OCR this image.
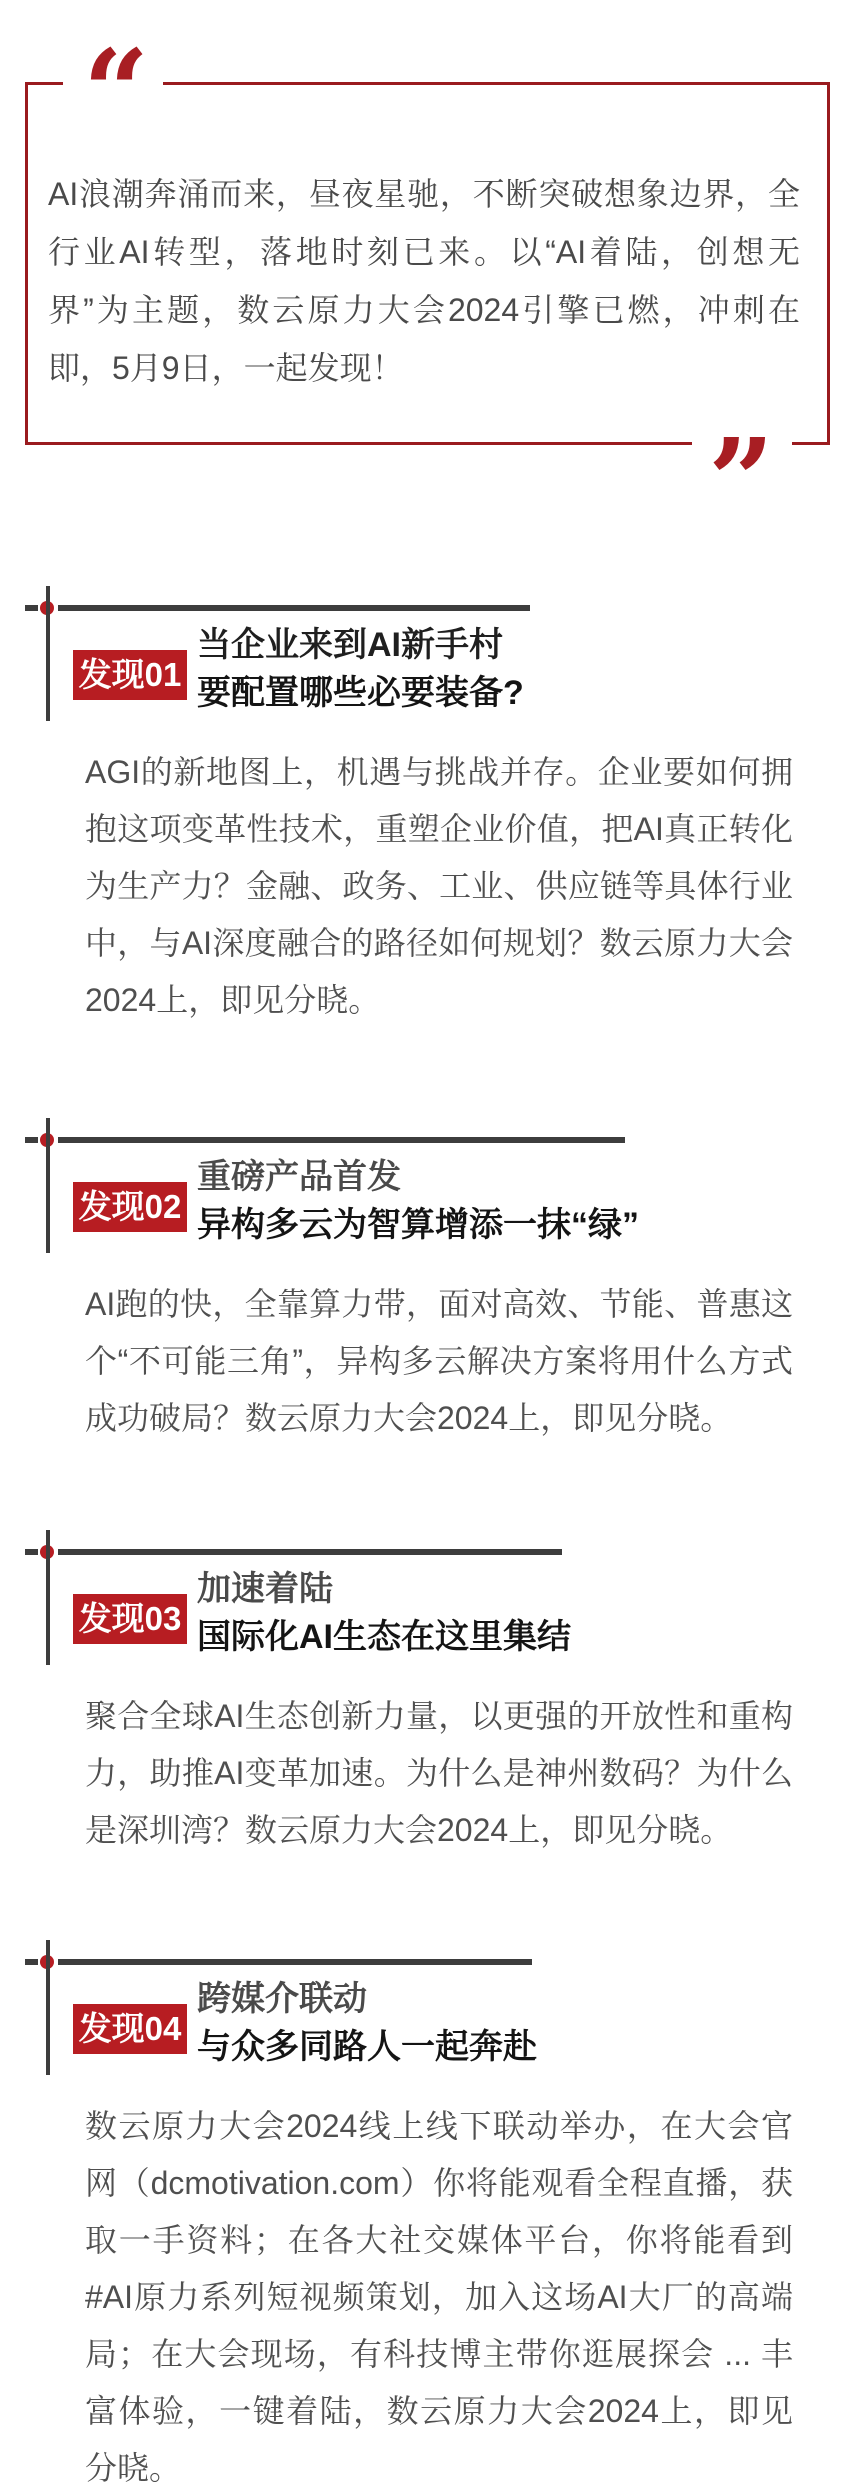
AI浪潮奔涌而来，昼夜星驰，不断突破想象边界，全行业AI转型，落地时刻已来。以“AI着陆，创想无界”为主题，数云原力大会2024引擎已燃，冲刺在即，5月9日，一起发现！

“
”
发现01
当企业来到AI新手村
要配置哪些必要装备?

AGI的新地图上，机遇与挑战并存。企业要如何拥抱这项变革性技术，重塑企业价值，把AI真正转化为生产力？金融、政务、工业、供应链等具体行业中，与AI深度融合的路径如何规划？数云原力大会2024上，即见分晓。

发现02
重磅产品首发
异构多云为智算增添一抹“绿”

AI跑的快，全靠算力带，面对高效、节能、普惠这个“不可能三角”，异构多云解决方案将用什么方式成功破局？数云原力大会2024上，即见分晓。

发现03
加速着陆
国际化AI生态在这里集结

聚合全球AI生态创新力量，以更强的开放性和重构力，助推AI变革加速。为什么是神州数码？为什么是深圳湾？数云原力大会2024上，即见分晓。

发现04
跨媒介联动
与众多同路人一起奔赴

数云原力大会2024线上线下联动举办，在大会官网（dcmotivation.com）你将能观看全程直播，获取一手资料；在各大社交媒体平台，你将能看到#AI原力系列短视频策划，加入这场AI大厂的高端局；在大会现场，有科技博主带你逛展探会 ... 丰富体验，一键着陆，数云原力大会2024上，即见分晓。
